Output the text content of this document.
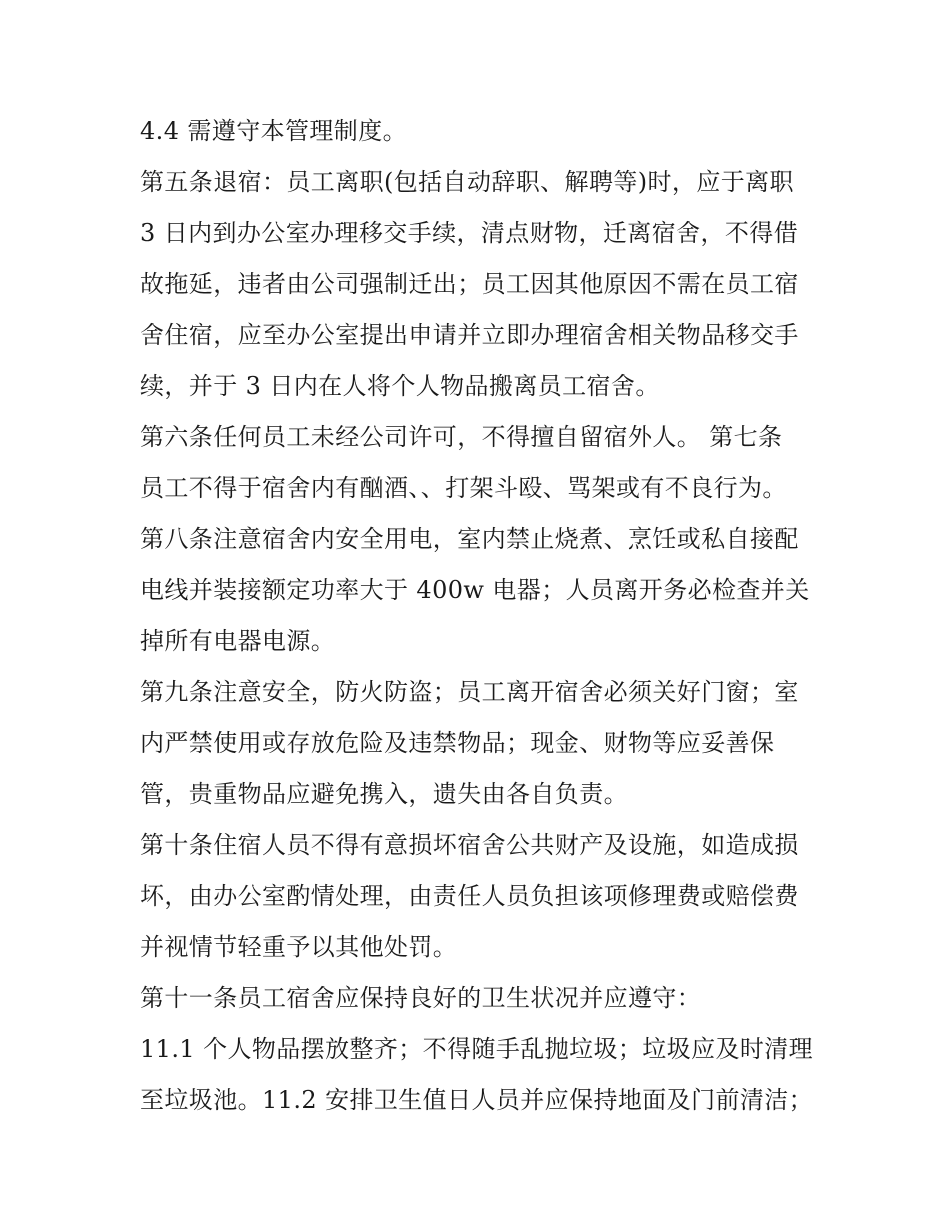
4.4 需遵守本管理制度。
第五条退宿：员工离职(包括自动辞职、解聘等)时，应于离职
3 日内到办公室办理移交手续，清点财物，迁离宿舍，不得借
故拖延，违者由公司强制迁出；员工因其他原因不需在员工宿
舍住宿，应至办公室提出申请并立即办理宿舍相关物品移交手
续，并于 3 日内在人将个人物品搬离员工宿舍。
第六条任何员工未经公司许可，不得擅自留宿外人。 第七条
员工不得于宿舍内有酗酒、、打架斗殴、骂架或有不良行为。
第八条注意宿舍内安全用电，室内禁止烧煮、烹饪或私自接配
电线并装接额定功率大于 400w 电器；人员离开务必检查并关
掉所有电器电源。
第九条注意安全，防火防盗；员工离开宿舍必须关好门窗；室
内严禁使用或存放危险及违禁物品；现金、财物等应妥善保
管，贵重物品应避免携入，遗失由各自负责。
第十条住宿人员不得有意损坏宿舍公共财产及设施，如造成损
坏，由办公室酌情处理，由责任人员负担该项修理费或赔偿费
并视情节轻重予以其他处罚。
第十一条员工宿舍应保持良好的卫生状况并应遵守：
11.1 个人物品摆放整齐；不得随手乱抛垃圾；垃圾应及时清理
至垃圾池。11.2 安排卫生值日人员并应保持地面及门前清洁；
